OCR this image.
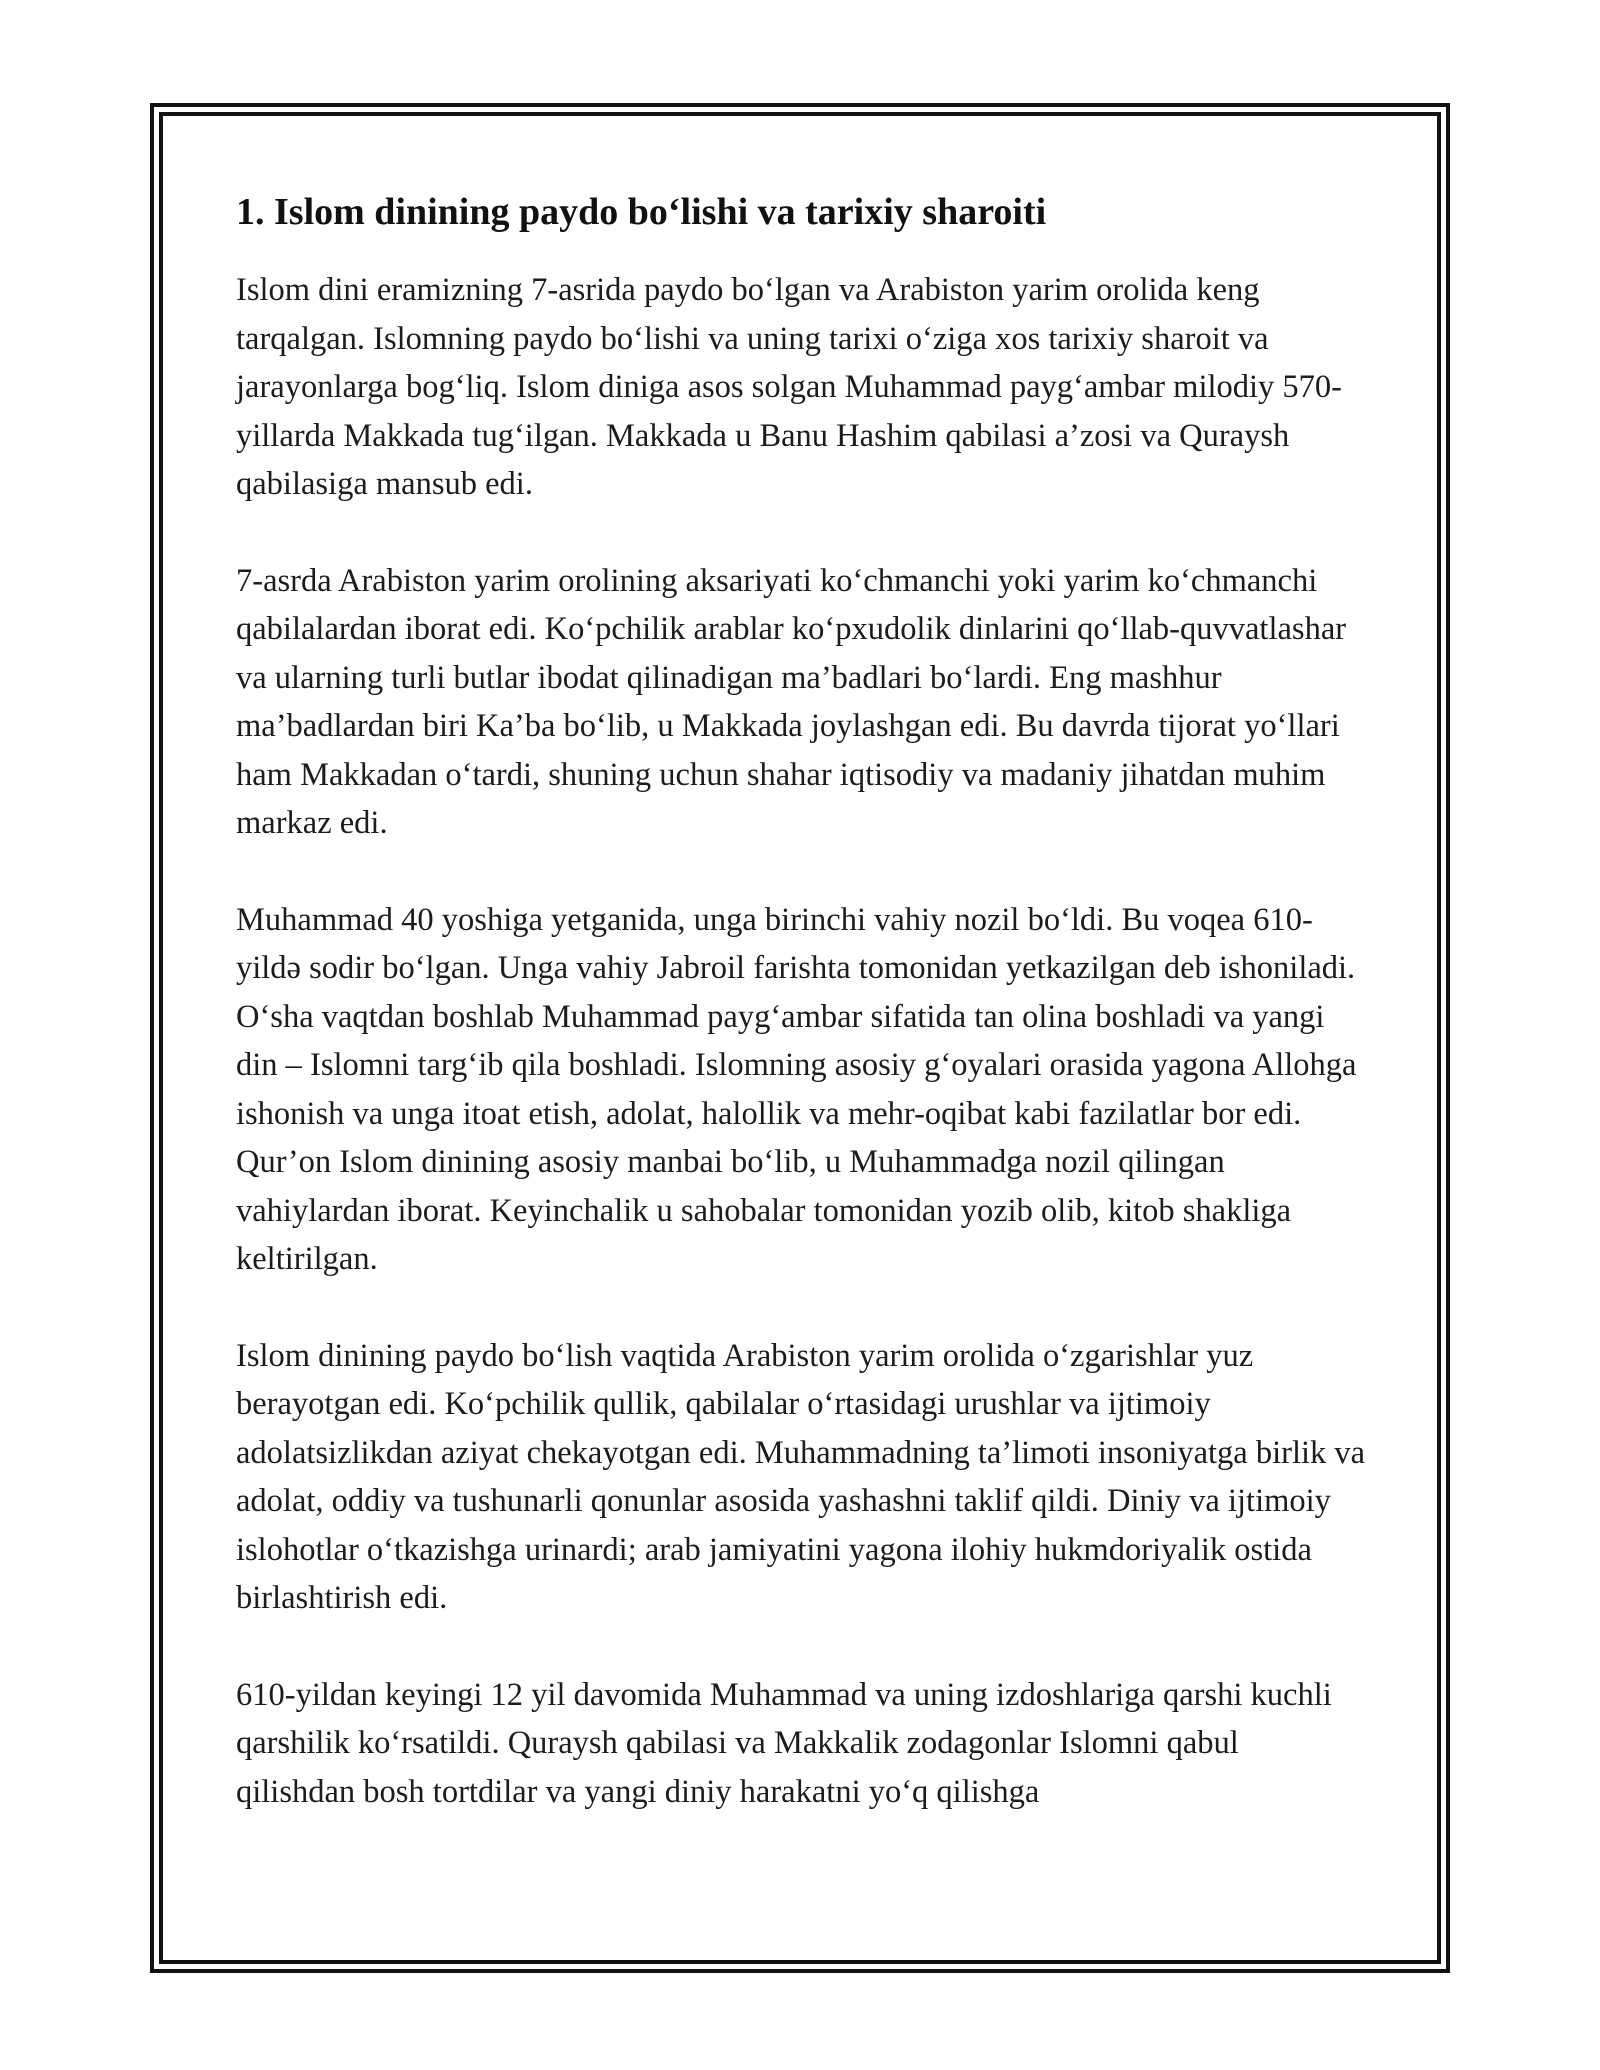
1. Islom dinining paydo bo‘lishi va tarixiy sharoiti

Islom dini eramizning 7-asrida paydo bo‘lgan va Arabiston yarim orolida keng tarqalgan. Islomning paydo bo‘lishi va uning tarixi o‘ziga xos tarixiy sharoit va jarayonlarga bog‘liq. Islom diniga asos solgan Muhammad payg‘ambar milodiy 570-yillarda Makkada tug‘ilgan. Makkada u Banu Hashim qabilasi a’zosi va Quraysh qabilasiga mansub edi.

7-asrda Arabiston yarim orolining aksariyati ko‘chmanchi yoki yarim ko‘chmanchi qabilalardan iborat edi. Ko‘pchilik arablar ko‘pxudolik dinlarini qo‘llab-quvvatlashar va ularning turli butlar ibodat qilinadigan ma’badlari bo‘lardi. Eng mashhur ma’badlardan biri Ka’ba bo‘lib, u Makkada joylashgan edi. Bu davrda tijorat yo‘llari ham Makkadan o‘tardi, shuning uchun shahar iqtisodiy va madaniy jihatdan muhim markaz edi.

Muhammad 40 yoshiga yetganida, unga birinchi vahiy nozil bo‘ldi. Bu voqea 610-yildə sodir bo‘lgan. Unga vahiy Jabroil farishta tomonidan yetkazilgan deb ishoniladi. O‘sha vaqtdan boshlab Muhammad payg‘ambar sifatida tan olina boshladi va yangi din – Islomni targ‘ib qila boshladi. Islomning asosiy g‘oyalari orasida yagona Allohga ishonish va unga itoat etish, adolat, halollik va mehr-oqibat kabi fazilatlar bor edi. Qur’on Islom dinining asosiy manbai bo‘lib, u Muhammadga nozil qilingan vahiylardan iborat. Keyinchalik u sahobalar tomonidan yozib olib, kitob shakliga keltirilgan.

Islom dinining paydo bo‘lish vaqtida Arabiston yarim orolida o‘zgarishlar yuz berayotgan edi. Ko‘pchilik qullik, qabilalar o‘rtasidagi urushlar va ijtimoiy adolatsizlikdan aziyat chekayotgan edi. Muhammadning ta’limoti insoniyatga birlik va adolat, oddiy va tushunarli qonunlar asosida yashashni taklif qildi. Diniy va ijtimoiy islohotlar o‘tkazishga urinardi; arab jamiyatini yagona ilohiy hukmdoriyalik ostida birlashtirish edi.

610-yildan keyingi 12 yil davomida Muhammad va uning izdoshlariga qarshi kuchli qarshilik ko‘rsatildi. Quraysh qabilasi va Makkalik zodagonlar Islomni qabul qilishdan bosh tortdilar va yangi diniy harakatni yo‘q qilishga
